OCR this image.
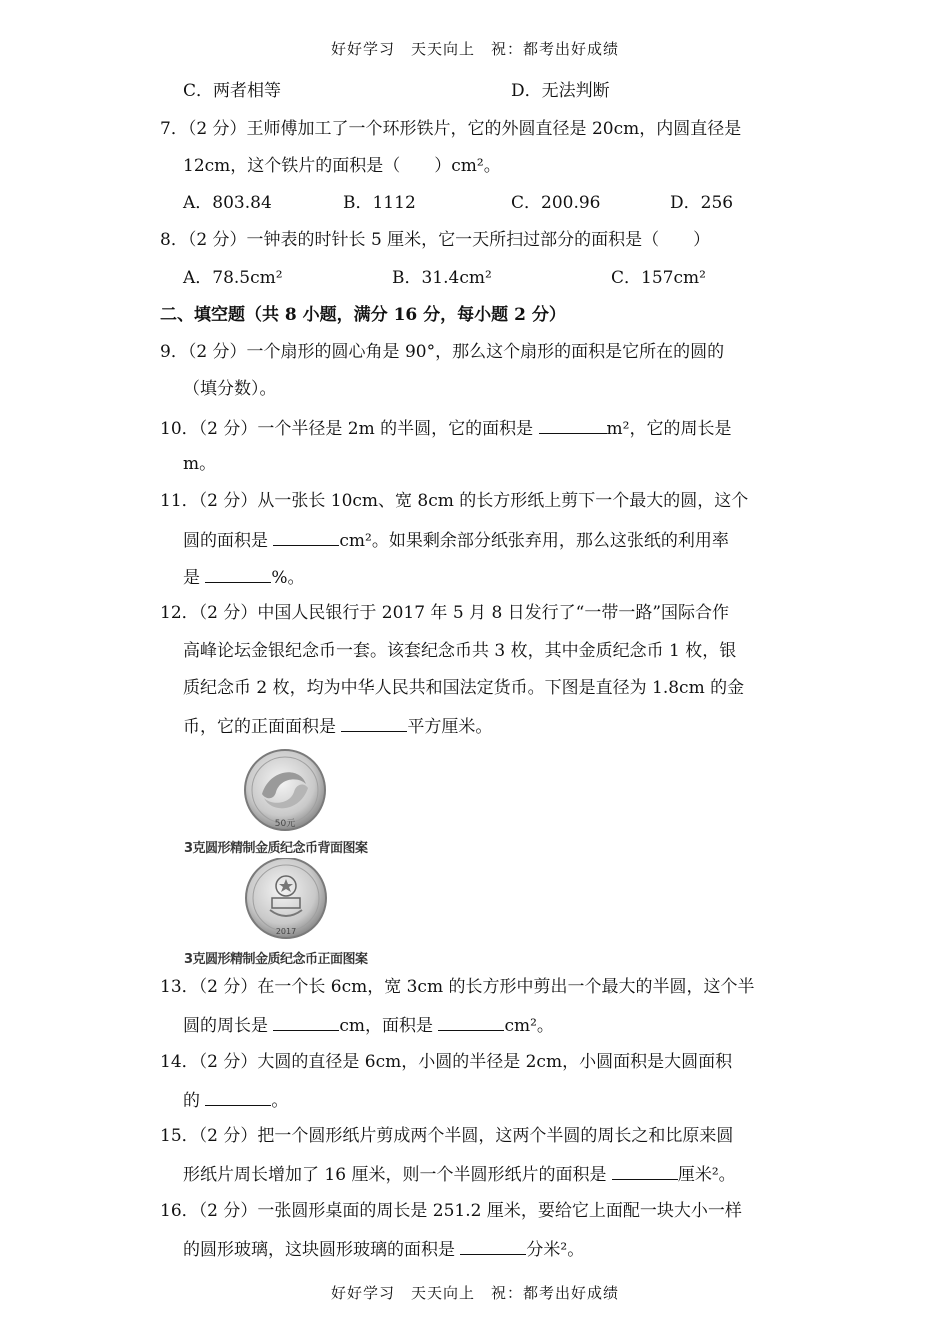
好好学习　天天向上　祝：都考出好成绩
C．两者相等	D．无法判断
7．（2 分）王师傅加工了一个环形铁片，它的外圆直径是 20cm，内圆直径是
12cm，这个铁片的面积是（　　）cm²。
A．803.84	B．1112	C．200.96	D．256
8．（2 分）一钟表的时针长 5 厘米，它一天所扫过部分的面积是（　　）
A．78.5cm²	B．31.4cm²	C．157cm²
二、填空题（共 8 小题，满分 16 分，每小题 2 分）
9．（2 分）一个扇形的圆心角是 90°，那么这个扇形的面积是它所在的圆的
（填分数）。
10．（2 分）一个半径是 2m 的半圆，它的面积是	m²，它的周长是
m。
11．（2 分）从一张长 10cm、宽 8cm 的长方形纸上剪下一个最大的圆，这个
圆的面积是	cm²。如果剩余部分纸张弃用，那么这张纸的利用率
是	%。
12．（2 分）中国人民银行于 2017 年 5 月 8 日发行了“一带一路”国际合作
高峰论坛金银纪念币一套。该套纪念币共 3 枚，其中金质纪念币 1 枚，银
质纪念币 2 枚，均为中华人民共和国法定货币。下图是直径为 1.8cm 的金
币，它的正面面积是	平方厘米。
50元
3克圆形精制金质纪念币背面图案
2017
3克圆形精制金质纪念币正面图案
13．（2 分）在一个长 6cm，宽 3cm 的长方形中剪出一个最大的半圆，这个半
圆的周长是	cm，面积是	cm²。
14．（2 分）大圆的直径是 6cm，小圆的半径是 2cm，小圆面积是大圆面积
的	。
15．（2 分）把一个圆形纸片剪成两个半圆，这两个半圆的周长之和比原来圆
形纸片周长增加了 16 厘米，则一个半圆形纸片的面积是	厘米²。
16．（2 分）一张圆形桌面的周长是 251.2 厘米，要给它上面配一块大小一样
的圆形玻璃，这块圆形玻璃的面积是	分米²。
好好学习　天天向上　祝：都考出好成绩
